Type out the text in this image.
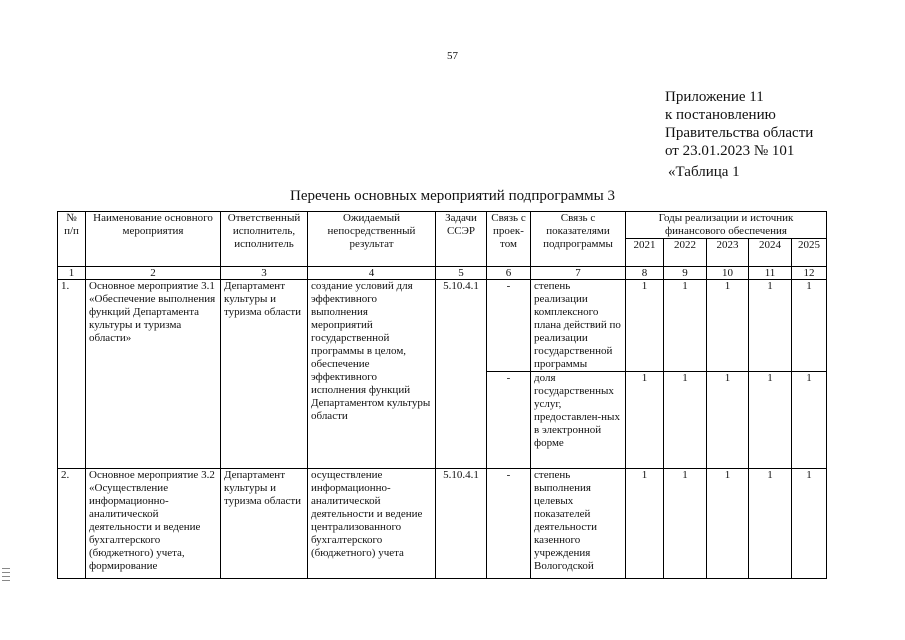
57
Приложение 11
к постановлению
Правительства области
от 23.01.2023 № 101
«Таблица 1
Перечень основных мероприятий подпрограммы 3
№ п/п	Наименование основного мероприятия	Ответственный исполнитель, исполнитель	Ожидаемый непосредственный результат	Задачи ССЭР	Связь с проек-том	Связь с показателями подпрограммы	Годы реализации и источник финансового обеспечения				
							2021	2022	2023	2024	2025
1	2	3	4	5	6	7	8	9	10	11	12
1.	Основное мероприятие 3.1 «Обеспечение выполнения функций Департамента культуры и туризма области»	Департамент культуры и туризма области	создание условий для эффективного выполнения мероприятий государственной программы в целом, обеспечение эффективного исполнения функций Департаментом культуры области	5.10.4.1	-	степень реализации комплексного плана действий по реализации государственной программы	1	1	1	1	1
					-	доля государственных услуг, предоставлен-ных в электронной форме	1	1	1	1	1
2.	Основное мероприятие 3.2 «Осуществление информационно-аналитической деятельности и ведение бухгалтерского (бюджетного) учета, формирование	Департамент культуры и туризма области	осуществление информационно-аналитической деятельности и ведение централизованного бухгалтерского (бюджетного) учета	5.10.4.1	-	степень выполнения целевых показателей деятельности казенного учреждения Вологодской	1	1	1	1	1
